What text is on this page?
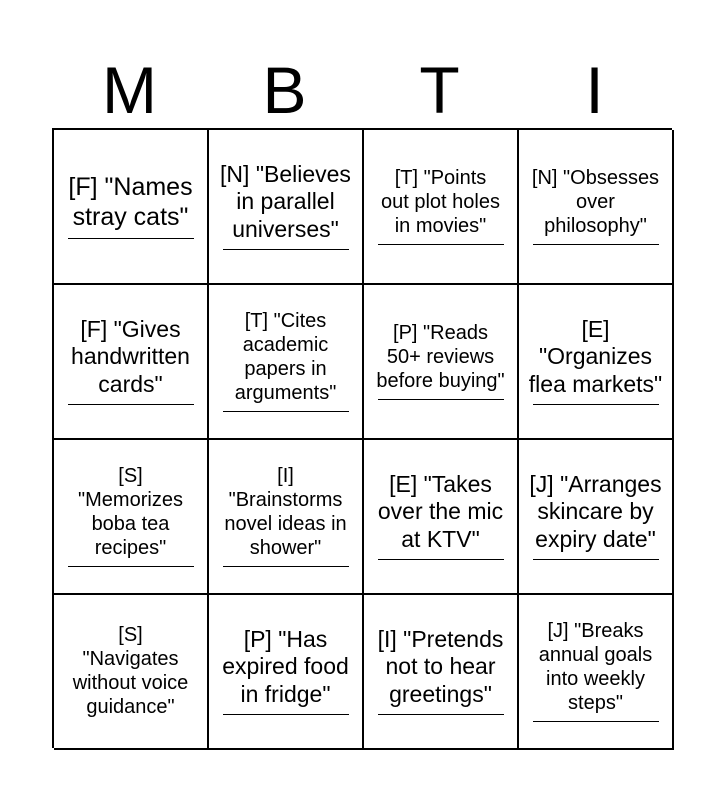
M	B	T	I
[F] "Names stray cats"
[N] "Believes in parallel universes"
[T] "Points out plot holes in movies"
[N] "Obsesses over philosophy"
[F] "Gives handwritten cards"
[T] "Cites academic papers in arguments"
[P] "Reads 50+ reviews before buying"
[E] "Organizes flea markets"
[S] "Memorizes boba tea recipes"
[I] "Brainstorms novel ideas in shower"
[E] "Takes over the mic at KTV"
[J] "Arranges skincare by expiry date"
[S] "Navigates without voice guidance"
[P] "Has expired food in fridge"
[I] "Pretends not to hear greetings"
[J] "Breaks annual goals into weekly steps"
